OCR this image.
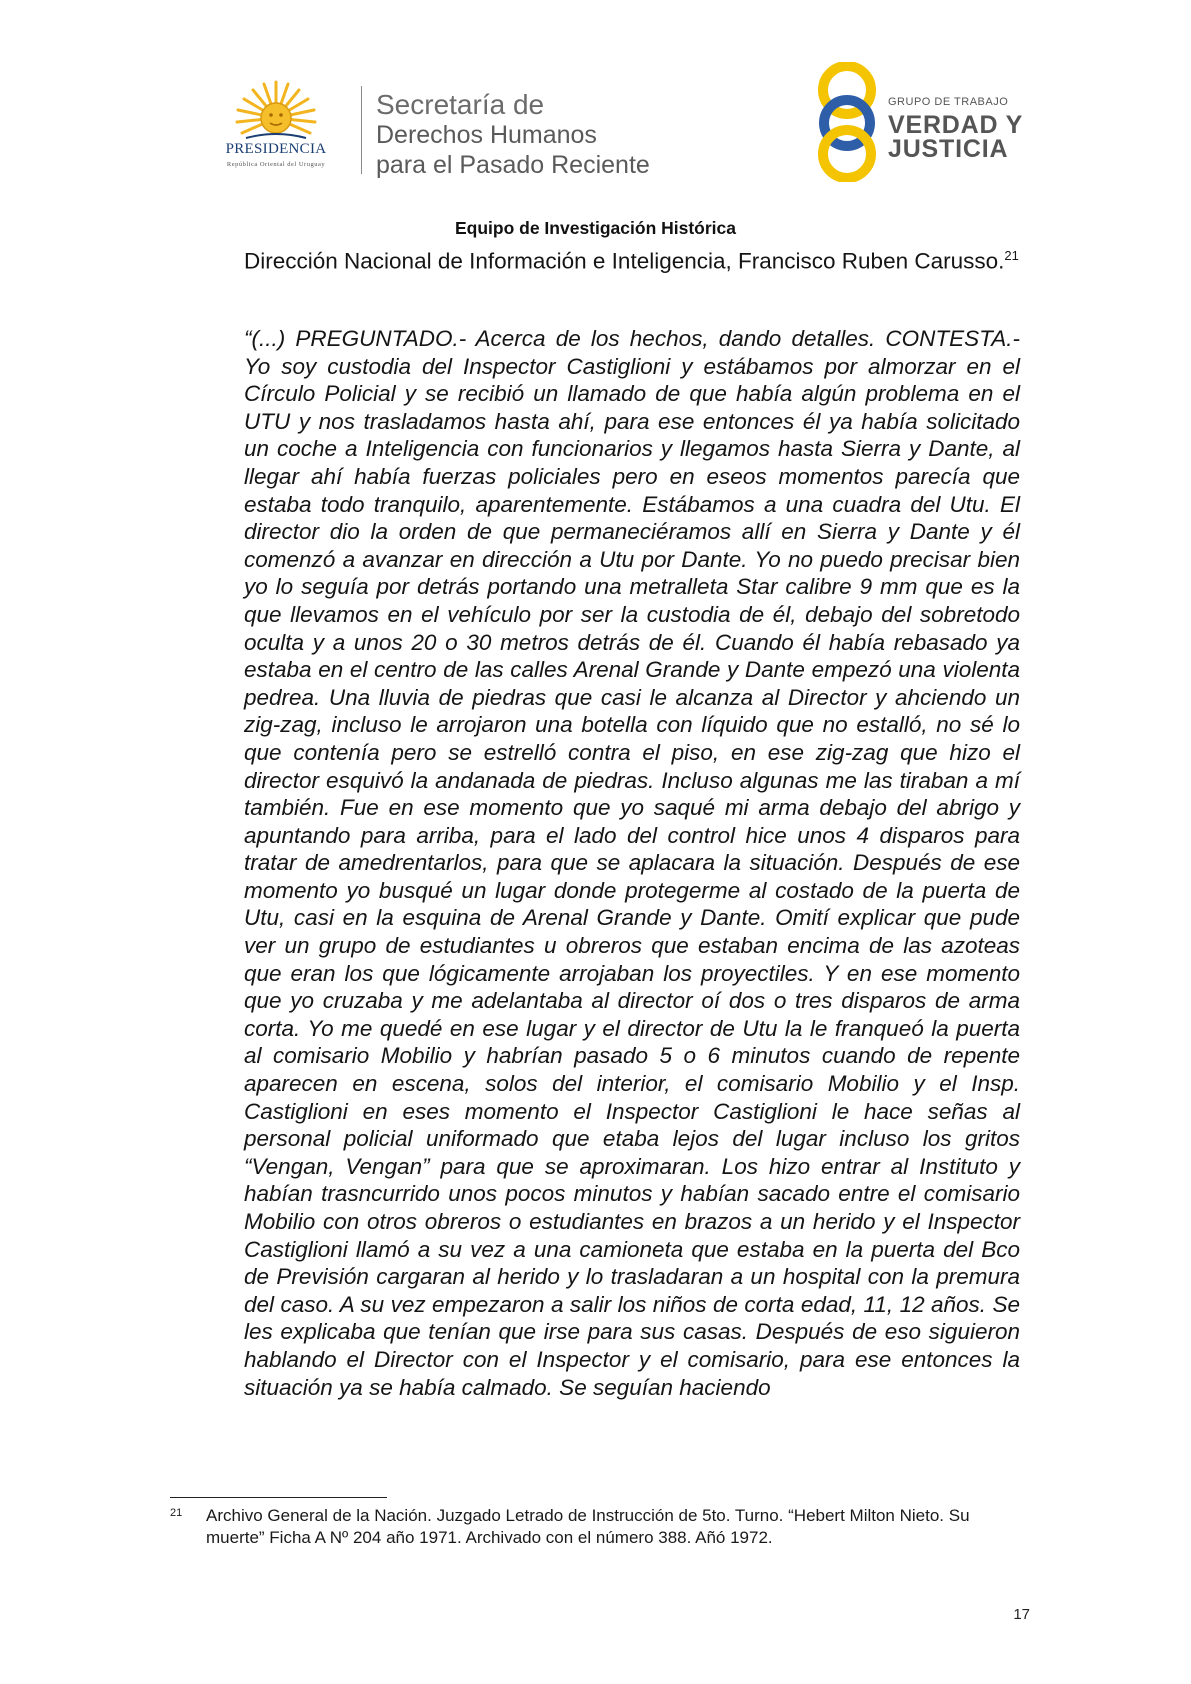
PRESIDENCIA
República Oriental del Uruguay
Secretaría de
Derechos Humanos
para el Pasado Reciente
GRUPO DE TRABAJO
VERDAD Y
JUSTICIA
Equipo de Investigación Histórica
Dirección Nacional de Información e Inteligencia, Francisco Ruben Carusso.$^{21}$
“(...) PREGUNTADO.- Acerca de los hechos, dando detalles. CONTESTA.- Yo soy custodia del Inspector Castiglioni y estábamos por almorzar en el Círculo Policial y se recibió un llamado de que había algún problema en el UTU y nos trasladamos hasta ahí, para ese entonces él ya había solicitado un coche a Inteligencia con funcionarios y llegamos hasta Sierra y Dante, al llegar ahí había fuerzas policiales pero en eseos momentos parecía que estaba todo tranquilo, aparentemente. Estábamos a una cuadra del Utu. El director dio la orden de que permaneciéramos allí en Sierra y Dante y él comenzó a avanzar en dirección a Utu por Dante. Yo no puedo precisar bien yo lo seguía por detrás portando una metralleta Star calibre 9 mm que es la que llevamos en el vehículo por ser la custodia de él, debajo del sobretodo oculta y a unos 20 o 30 metros detrás de él. Cuando él había rebasado ya estaba en el centro de las calles Arenal Grande y Dante empezó una violenta pedrea. Una lluvia de piedras que casi le alcanza al Director y ahciendo un zig-zag, incluso le arrojaron una botella con líquido que no estalló, no sé lo que contenía pero se estrelló contra el piso, en ese zig-zag que hizo el director esquivó la andanada de piedras. Incluso algunas me las tiraban a mí también. Fue en ese momento que yo saqué mi arma debajo del abrigo y apuntando para arriba, para el lado del control hice unos 4 disparos para tratar de amedrentarlos, para que se aplacara la situación. Después de ese momento yo busqué un lugar donde protegerme al costado de la puerta de Utu, casi en la esquina de Arenal Grande y Dante. Omití explicar que pude ver un grupo de estudiantes u obreros que estaban encima de las azoteas que eran los que lógicamente arrojaban los proyectiles. Y en ese momento que yo cruzaba y me adelantaba al director oí dos o tres disparos de arma corta. Yo me quedé en ese lugar y el director de Utu la le franqueó la puerta al comisario Mobilio y habrían pasado 5 o 6 minutos cuando de repente aparecen en escena, solos del interior, el comisario Mobilio y el Insp. Castiglioni en eses momento el Inspector Castiglioni le hace señas al personal policial uniformado que etaba lejos del lugar incluso los gritos “Vengan, Vengan” para que se aproximaran. Los hizo entrar al Instituto y habían trasncurrido unos pocos minutos y habían sacado entre el comisario Mobilio con otros obreros o estudiantes en brazos a un herido y el Inspector Castiglioni llamó a su vez a una camioneta que estaba en la puerta del Bco de Previsión cargaran al herido y lo trasladaran a un hospital con la premura del caso. A su vez empezaron a salir los niños de corta edad, 11, 12 años. Se les explicaba que tenían que irse para sus casas. Después de eso siguieron hablando el Director con el Inspector y el comisario, para ese entonces la situación ya se había calmado. Se seguían haciendo
21 Archivo General de la Nación. Juzgado Letrado de Instrucción de 5to. Turno. “Hebert Milton Nieto. Su muerte” Ficha A Nº 204 año 1971. Archivado con el número 388. Añó 1972.
17
